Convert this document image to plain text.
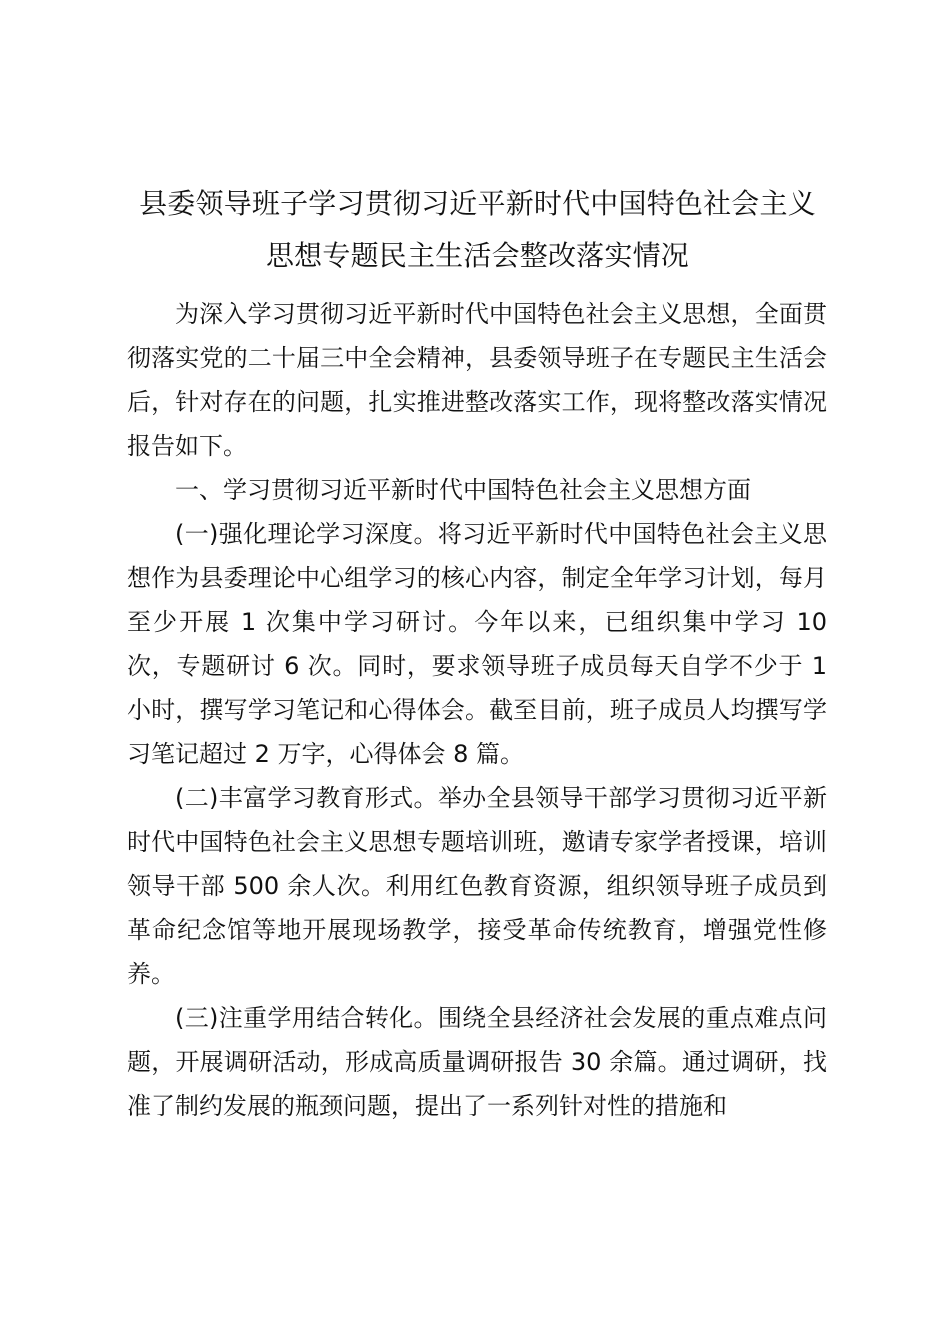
县委领导班子学习贯彻习近平新时代中国特色社会主义
思想专题民主生活会整改落实情况

为深入学习贯彻习近平新时代中国特色社会主义思想，全面贯彻落实党的二十届三中全会精神，县委领导班子在专题民主生活会后，针对存在的问题，扎实推进整改落实工作，现将整改落实情况报告如下。

一、学习贯彻习近平新时代中国特色社会主义思想方面

(一)强化理论学习深度。将习近平新时代中国特色社会主义思想作为县委理论中心组学习的核心内容，制定全年学习计划，每月至少开展 1 次集中学习研讨。今年以来，已组织集中学习 10 次，专题研讨 6 次。同时，要求领导班子成员每天自学不少于 1 小时，撰写学习笔记和心得体会。截至目前，班子成员人均撰写学习笔记超过 2 万字，心得体会 8 篇。

(二)丰富学习教育形式。举办全县领导干部学习贯彻习近平新时代中国特色社会主义思想专题培训班，邀请专家学者授课，培训领导干部 500 余人次。利用红色教育资源，组织领导班子成员到革命纪念馆等地开展现场教学，接受革命传统教育，增强党性修养。

(三)注重学用结合转化。围绕全县经济社会发展的重点难点问题，开展调研活动，形成高质量调研报告 30 余篇。通过调研，找准了制约发展的瓶颈问题，提出了一系列针对性的措施和
